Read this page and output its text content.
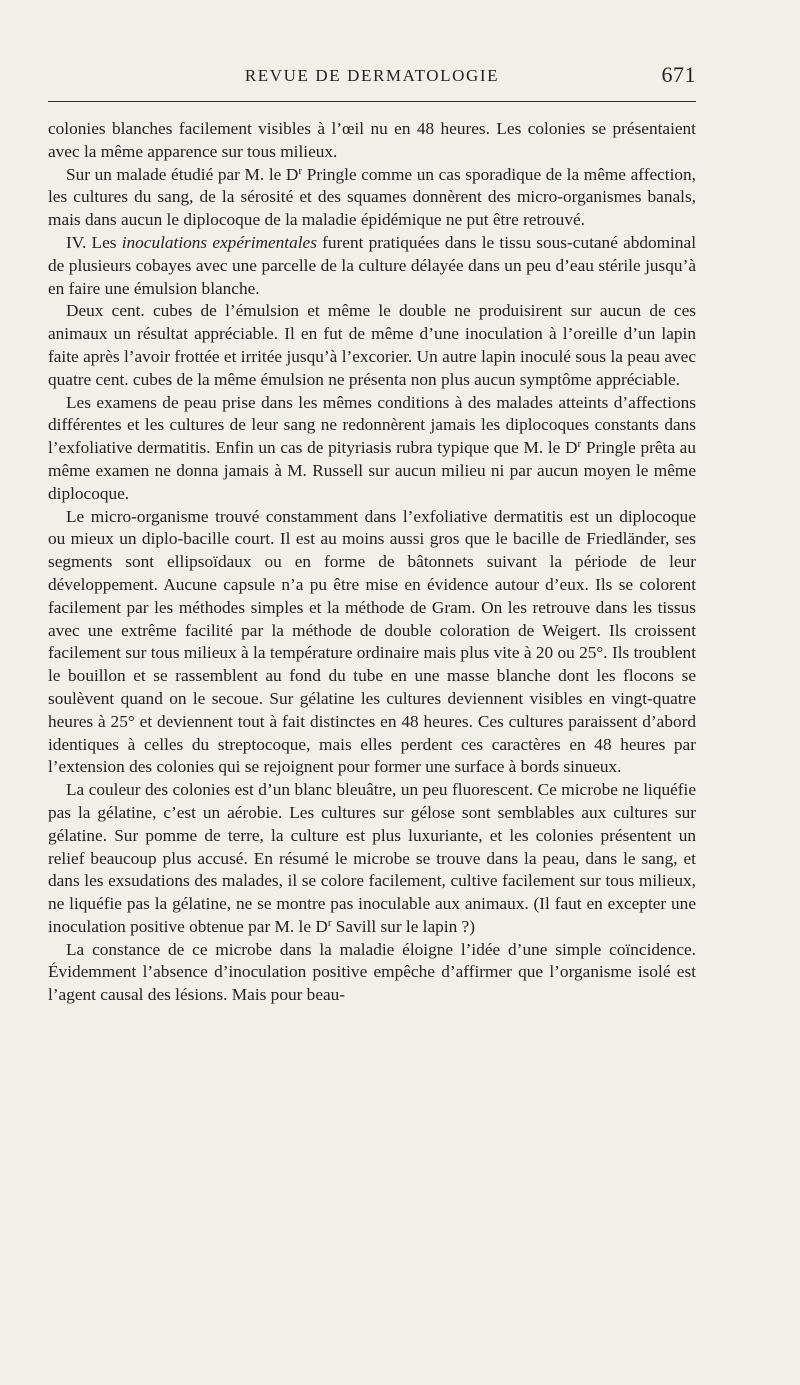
REVUE DE DERMATOLOGIE	671

colonies blanches facilement visibles à l’œil nu en 48 heures. Les colonies se présentaient avec la même apparence sur tous milieux.

Sur un malade étudié par M. le $D^r$ Pringle comme un cas sporadique de la même affection, les cultures du sang, de la sérosité et des squames donnèrent des micro-organismes banals, mais dans aucun le diplocoque de la maladie épidémique ne put être retrouvé.

IV. Les inoculations expérimentales furent pratiquées dans le tissu sous-cutané abdominal de plusieurs cobayes avec une parcelle de la culture délayée dans un peu d’eau stérile jusqu’à en faire une émulsion blanche.

Deux cent. cubes de l’émulsion et même le double ne produisirent sur aucun de ces animaux un résultat appréciable. Il en fut de même d’une inoculation à l’oreille d’un lapin faite après l’avoir frottée et irritée jusqu’à l’excorier. Un autre lapin inoculé sous la peau avec quatre cent. cubes de la même émulsion ne présenta non plus aucun symptôme appréciable.

Les examens de peau prise dans les mêmes conditions à des malades atteints d’affections différentes et les cultures de leur sang ne redonnèrent jamais les diplocoques constants dans l’exfoliative dermatitis. Enfin un cas de pityriasis rubra typique que M. le $D^r$ Pringle prêta au même examen ne donna jamais à M. Russell sur aucun milieu ni par aucun moyen le même diplocoque.

Le micro-organisme trouvé constamment dans l’exfoliative dermatitis est un diplocoque ou mieux un diplo-bacille court. Il est au moins aussi gros que le bacille de Friedländer, ses segments sont ellipsoïdaux ou en forme de bâtonnets suivant la période de leur développement. Aucune capsule n’a pu être mise en évidence autour d’eux. Ils se colorent facilement par les méthodes simples et la méthode de Gram. On les retrouve dans les tissus avec une extrême facilité par la méthode de double coloration de Weigert. Ils croissent facilement sur tous milieux à la température ordinaire mais plus vite à 20 ou 25°. Ils troublent le bouillon et se rassemblent au fond du tube en une masse blanche dont les flocons se soulèvent quand on le secoue. Sur gélatine les cultures deviennent visibles en vingt-quatre heures à 25° et deviennent tout à fait distinctes en 48 heures. Ces cultures paraissent d’abord identiques à celles du streptocoque, mais elles perdent ces caractères en 48 heures par l’extension des colonies qui se rejoignent pour former une surface à bords sinueux.

La couleur des colonies est d’un blanc bleuâtre, un peu fluorescent. Ce microbe ne liquéfie pas la gélatine, c’est un aérobie. Les cultures sur gélose sont semblables aux cultures sur gélatine. Sur pomme de terre, la culture est plus luxuriante, et les colonies présentent un relief beaucoup plus accusé. En résumé le microbe se trouve dans la peau, dans le sang, et dans les exsudations des malades, il se colore facilement, cultive facilement sur tous milieux, ne liquéfie pas la gélatine, ne se montre pas inoculable aux animaux. (Il faut en excepter une inoculation positive obtenue par M. le $D^r$ Savill sur le lapin ?)

La constance de ce microbe dans la maladie éloigne l’idée d’une simple coïncidence. Évidemment l’absence d’inoculation positive empêche d’affirmer que l’organisme isolé est l’agent causal des lésions. Mais pour beau-
